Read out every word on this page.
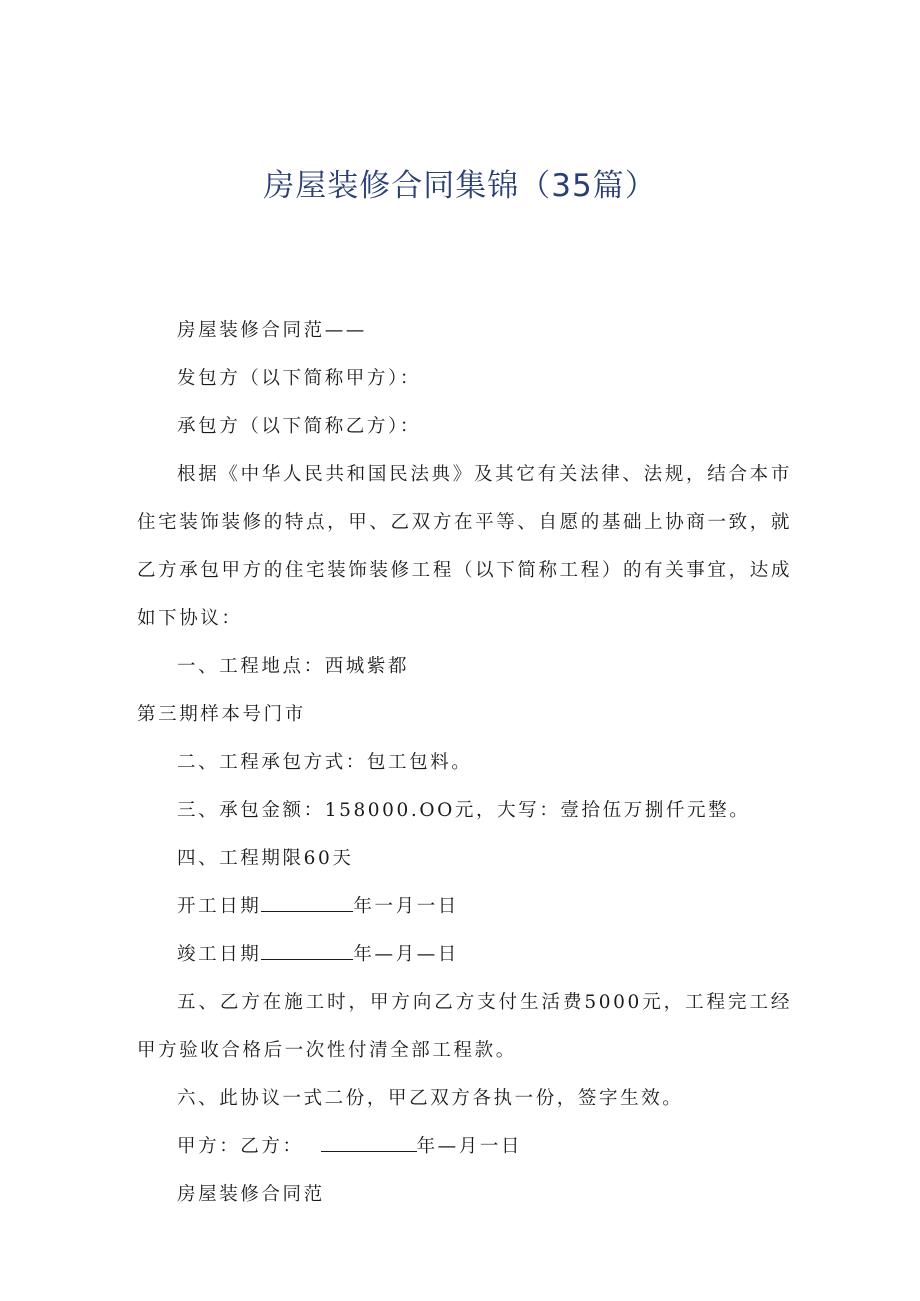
房屋装修合同集锦（35篇）

房屋装修合同范——

发包方（以下简称甲方）：

承包方（以下简称乙方）：

根据《中华人民共和国民法典》及其它有关法律、法规，结合本市住宅装饰装修的特点，甲、乙双方在平等、自愿的基础上协商一致，就乙方承包甲方的住宅装饰装修工程（以下简称工程）的有关事宜，达成如下协议：

一、工程地点：西城紫都

第三期样本号门市

二、工程承包方式：包工包料。

三、承包金额：158000.OO元，大写：壹拾伍万捌仟元整。

四、工程期限60天

开工日期	年一月一日

竣工日期	年—月—日

五、乙方在施工时，甲方向乙方支付生活费5000元，工程完工经甲方验收合格后一次性付清全部工程款。

六、此协议一式二份，甲乙双方各执一份，签字生效。

甲方：乙方：	年—月一日

房屋装修合同范
